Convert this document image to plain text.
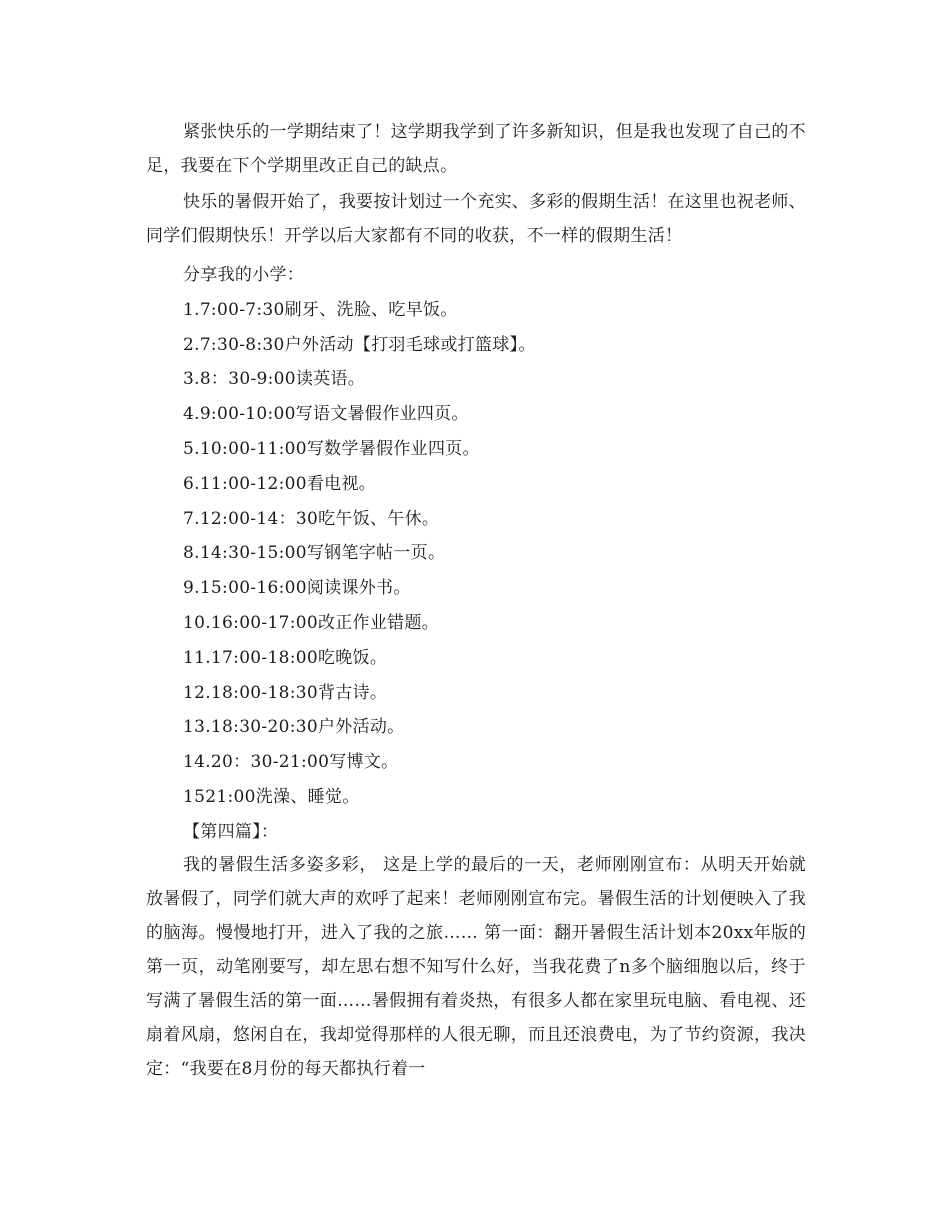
紧张快乐的一学期结束了！这学期我学到了许多新知识，但是我也发现了自己的不足，我要在下个学期里改正自己的缺点。

快乐的暑假开始了，我要按计划过一个充实、多彩的假期生活！在这里也祝老师、同学们假期快乐！开学以后大家都有不同的收获，不一样的假期生活！

分享我的小学：

1.7:00-7:30刷牙、洗脸、吃早饭。

2.7:30-8:30户外活动【打羽毛球或打篮球】。

3.8：30-9:00读英语。

4.9:00-10:00写语文暑假作业四页。

5.10:00-11:00写数学暑假作业四页。

6.11:00-12:00看电视。

7.12:00-14：30吃午饭、午休。

8.14:30-15:00写钢笔字帖一页。

9.15:00-16:00阅读课外书。

10.16:00-17:00改正作业错题。

11.17:00-18:00吃晚饭。

12.18:00-18:30背古诗。

13.18:30-20:30户外活动。

14.20：30-21:00写博文。

1521:00洗澡、睡觉。

【第四篇】：

我的暑假生活多姿多彩， 这是上学的最后的一天，老师刚刚宣布：从明天开始就放暑假了，同学们就大声的欢呼了起来！老师刚刚宣布完。暑假生活的计划便映入了我的脑海。慢慢地打开，进入了我的之旅…… 第一面：翻开暑假生活计划本20xx年版的第一页，动笔刚要写，却左思右想不知写什么好，当我花费了n多个脑细胞以后，终于写满了暑假生活的第一面……暑假拥有着炎热，有很多人都在家里玩电脑、看电视、还扇着风扇，悠闲自在，我却觉得那样的人很无聊，而且还浪费电，为了节约资源，我决定：“我要在8月份的每天都执行着一
